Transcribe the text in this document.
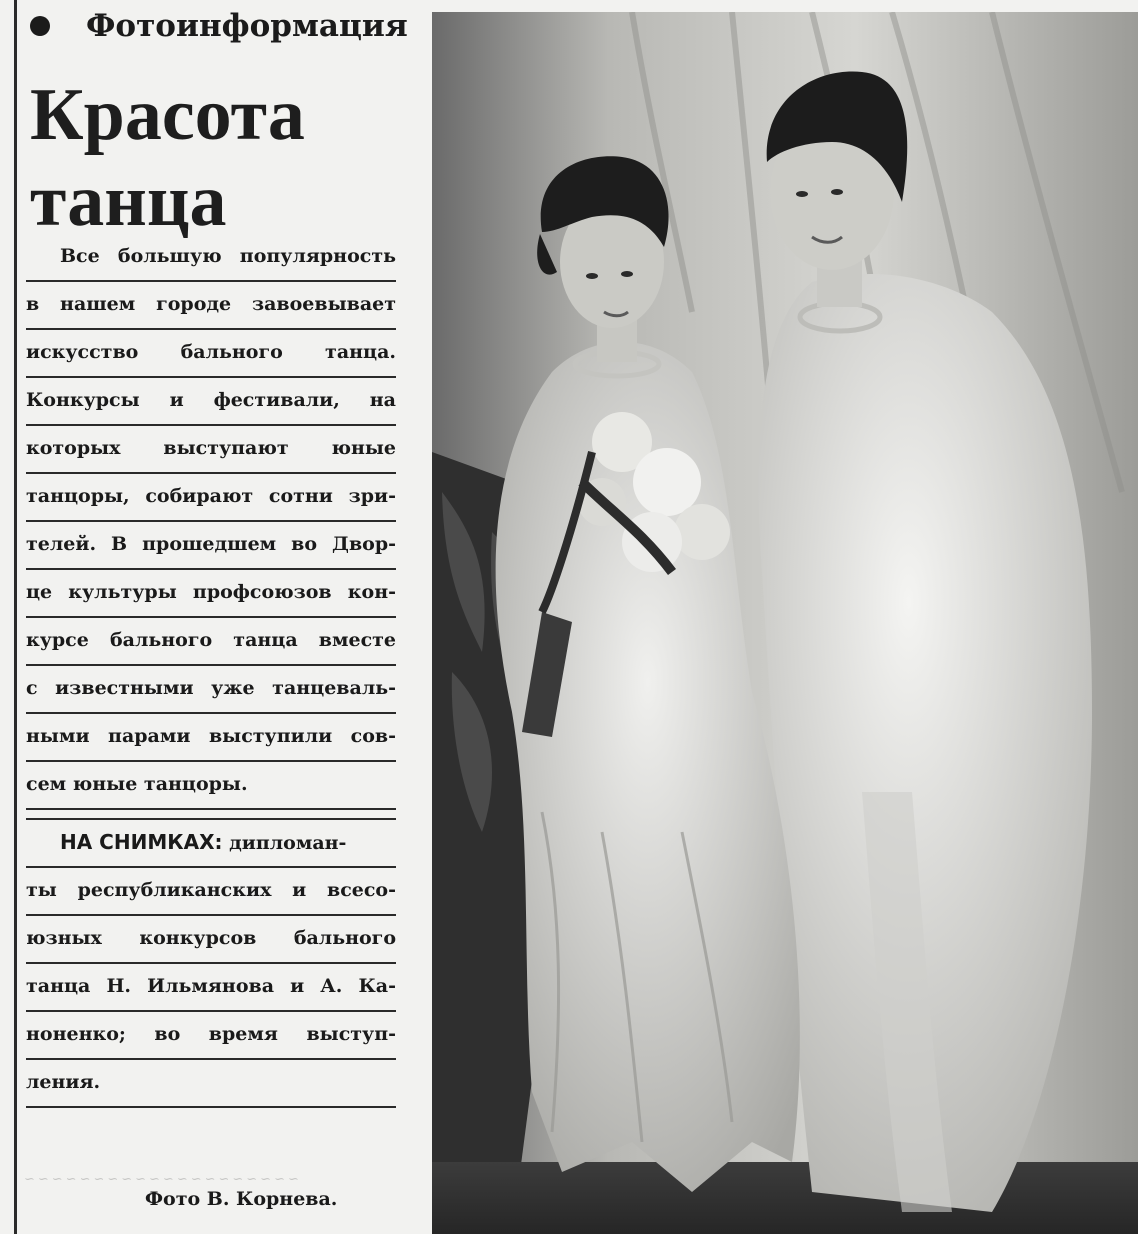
Фотоинформация
Красота
танца
Все большую популярность
в нашем городе завоевывает
искусство бального танца.
Конкурсы и фестивали, на
которых выступают юные
танцоры, собирают сотни зри-
телей. В прошедшем во Двор-
це культуры профсоюзов кон-
курсе бального танца вместе
с известными уже танцеваль-
ными парами выступили сов-
сем юные танцоры.
НА СНИМКАХ: дипломан-
ты республиканских и всесо-
юзных конкурсов бального
танца Н. Ильмянова и А. Ка-
ноненко; во время выступ-
ления.
~~~~~~~~~~~~~~~~~~~~
Фото В. Корнева.
